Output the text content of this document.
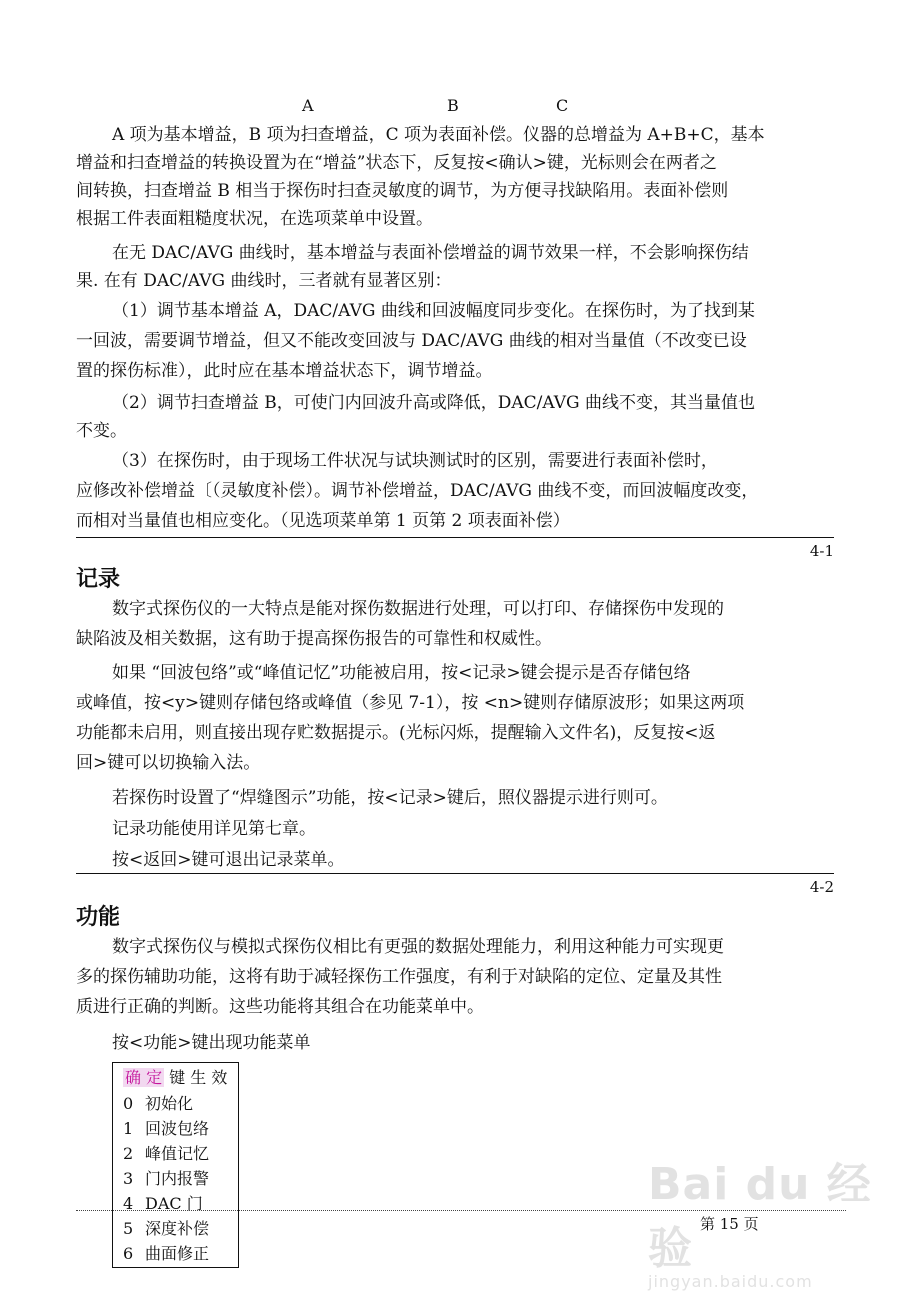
A	B	C
A 项为基本增益，B 项为扫查增益，C 项为表面补偿。仪器的总增益为 A+B+C，基本
增益和扫查增益的转换设置为在“增益”状态下，反复按<确认>键，光标则会在两者之
间转换，扫查增益 B 相当于探伤时扫查灵敏度的调节，为方便寻找缺陷用。表面补偿则
根据工件表面粗糙度状况，在选项菜单中设置。
在无 DAC/AVG 曲线时，基本增益与表面补偿增益的调节效果一样，不会影响探伤结
果. 在有 DAC/AVG 曲线时，三者就有显著区别：
（1）调节基本增益 A，DAC/AVG 曲线和回波幅度同步变化。在探伤时，为了找到某
一回波，需要调节增益，但又不能改变回波与 DAC/AVG 曲线的相对当量值（不改变已设
置的探伤标准），此时应在基本增益状态下，调节增益。
（2）调节扫查增益 B，可使门内回波升高或降低，DAC/AVG 曲线不变，其当量值也
不变。
（3）在探伤时，由于现场工件状况与试块测试时的区别，需要进行表面补偿时，
应修改补偿增益〔（灵敏度补偿）。调节补偿增益，DAC/AVG 曲线不变，而回波幅度改变，
而相对当量值也相应变化。（见选项菜单第 1 页第 2 项表面补偿）
4-1
记录
数字式探伤仪的一大特点是能对探伤数据进行处理，可以打印、存储探伤中发现的
缺陷波及相关数据，这有助于提高探伤报告的可靠性和权威性。
如果 “回波包络”或“峰值记忆”功能被启用，按<记录>键会提示是否存储包络
或峰值，按<y>键则存储包络或峰值（参见 7-1），按 <n>键则存储原波形；如果这两项
功能都未启用，则直接出现存贮数据提示。(光标闪烁，提醒输入文件名)，反复按<返
回>键可以切换输入法。
若探伤时设置了“焊缝图示”功能，按<记录>键后，照仪器提示进行则可。
记录功能使用详见第七章。
按<返回>键可退出记录菜单。
4-2
功能
数字式探伤仪与模拟式探伤仪相比有更强的数据处理能力，利用这种能力可实现更
多的探伤辅助功能，这将有助于减轻探伤工作强度，有利于对缺陷的定位、定量及其性
质进行正确的判断。这些功能将其组合在功能菜单中。
按<功能>键出现功能菜单
确 定 键 生 效
0 初始化
1 回波包络
2 峰值记忆
3 门内报警
4 DAC 门
5 深度补偿
6 曲面修正
Bai du 经验
jingyan.baidu.com
第 15 页
